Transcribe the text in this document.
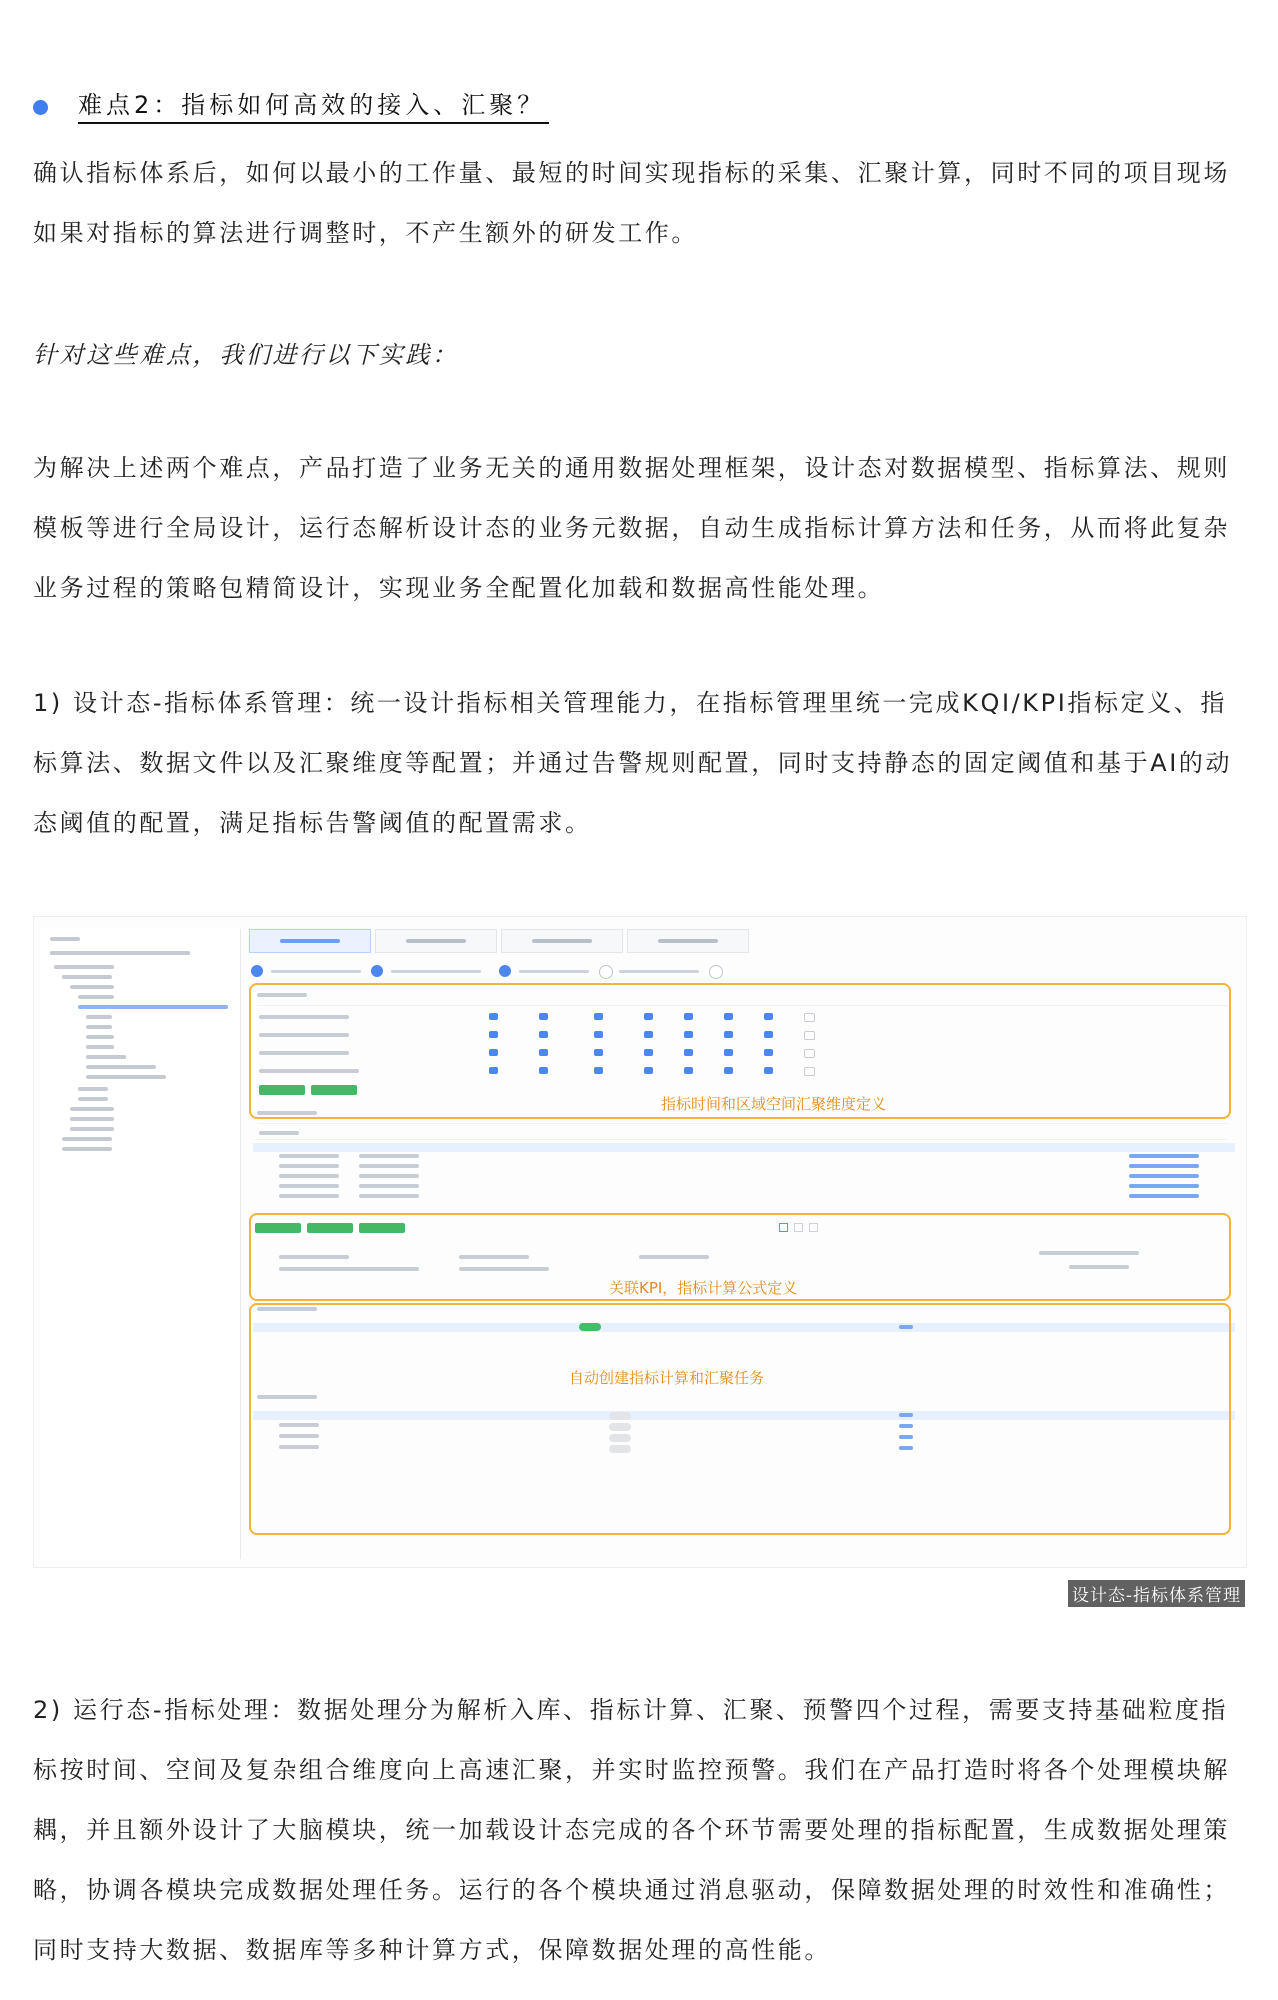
难点2：指标如何高效的接入、汇聚？

确认指标体系后，如何以最小的工作量、最短的时间实现指标的采集、汇聚计算，同时不同的项目现场如果对指标的算法进行调整时，不产生额外的研发工作。

针对这些难点，我们进行以下实践：

为解决上述两个难点，产品打造了业务无关的通用数据处理框架，设计态对数据模型、指标算法、规则模板等进行全局设计，运行态解析设计态的业务元数据，自动生成指标计算方法和任务，从而将此复杂业务过程的策略包精简设计，实现业务全配置化加载和数据高性能处理。

1) 设计态-指标体系管理：统一设计指标相关管理能力，在指标管理里统一完成KQI/KPI指标定义、指标算法、数据文件以及汇聚维度等配置；并通过告警规则配置，同时支持静态的固定阈值和基于AI的动态阈值的配置，满足指标告警阈值的配置需求。

指标时间和区域空间汇聚维度定义
关联KPI，指标计算公式定义
自动创建指标计算和汇聚任务
设计态-指标体系管理

2) 运行态-指标处理：数据处理分为解析入库、指标计算、汇聚、预警四个过程，需要支持基础粒度指标按时间、空间及复杂组合维度向上高速汇聚，并实时监控预警。我们在产品打造时将各个处理模块解耦，并且额外设计了大脑模块，统一加载设计态完成的各个环节需要处理的指标配置，生成数据处理策略，协调各模块完成数据处理任务。运行的各个模块通过消息驱动，保障数据处理的时效性和准确性；同时支持大数据、数据库等多种计算方式，保障数据处理的高性能。
